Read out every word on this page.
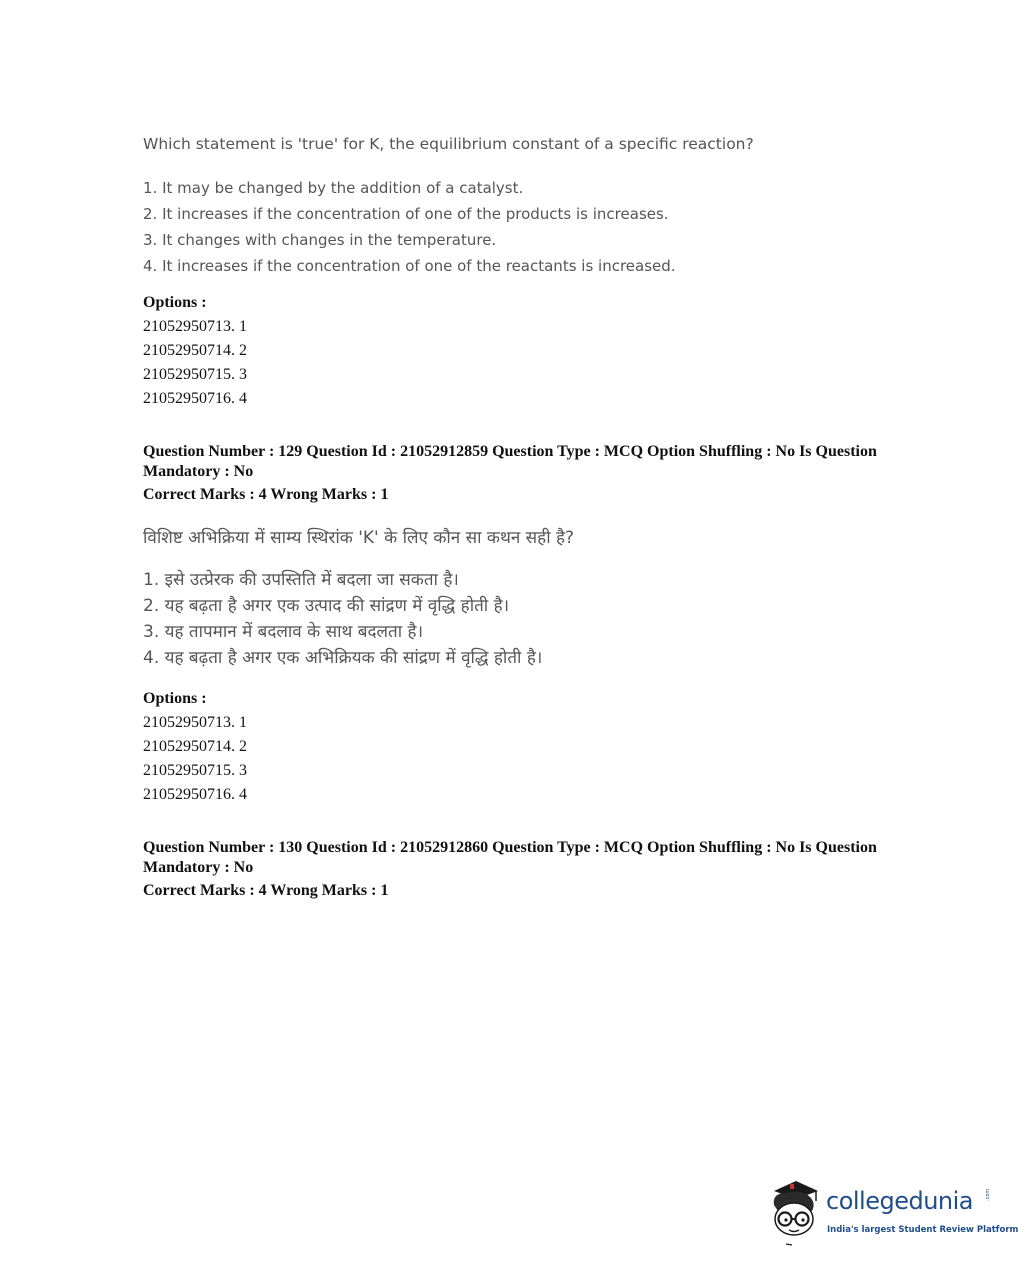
Which statement is 'true' for K, the equilibrium constant of a specific reaction?

1. It may be changed by the addition of a catalyst.
2. It increases if the concentration of one of the products is increases.
3. It changes with changes in the temperature.
4. It increases if the concentration of one of the reactants is increased.
Options :
21052950713. 1
21052950714. 2
21052950715. 3
21052950716. 4
Question Number : 129 Question Id : 21052912859 Question Type : MCQ Option Shuffling : No Is Question Mandatory : No
Correct Marks : 4 Wrong Marks : 1

विशिष्ट अभिक्रिया में साम्य स्थिरांक 'K' के लिए कौन सा कथन सही है?

1. इसे उत्प्रेरक की उपस्तिति में बदला जा सकता है।
2. यह बढ़ता है अगर एक उत्पाद की सांद्रण में वृद्धि होती है।
3. यह तापमान में बदलाव के साथ बदलता है।
4. यह बढ़ता है अगर एक अभिक्रियक की सांद्रण में वृद्धि होती है।
Options :
21052950713. 1
21052950714. 2
21052950715. 3
21052950716. 4
Question Number : 130 Question Id : 21052912860 Question Type : MCQ Option Shuffling : No Is Question Mandatory : No
Correct Marks : 4 Wrong Marks : 1
collegedunia .com
India's largest Student Review Platform
